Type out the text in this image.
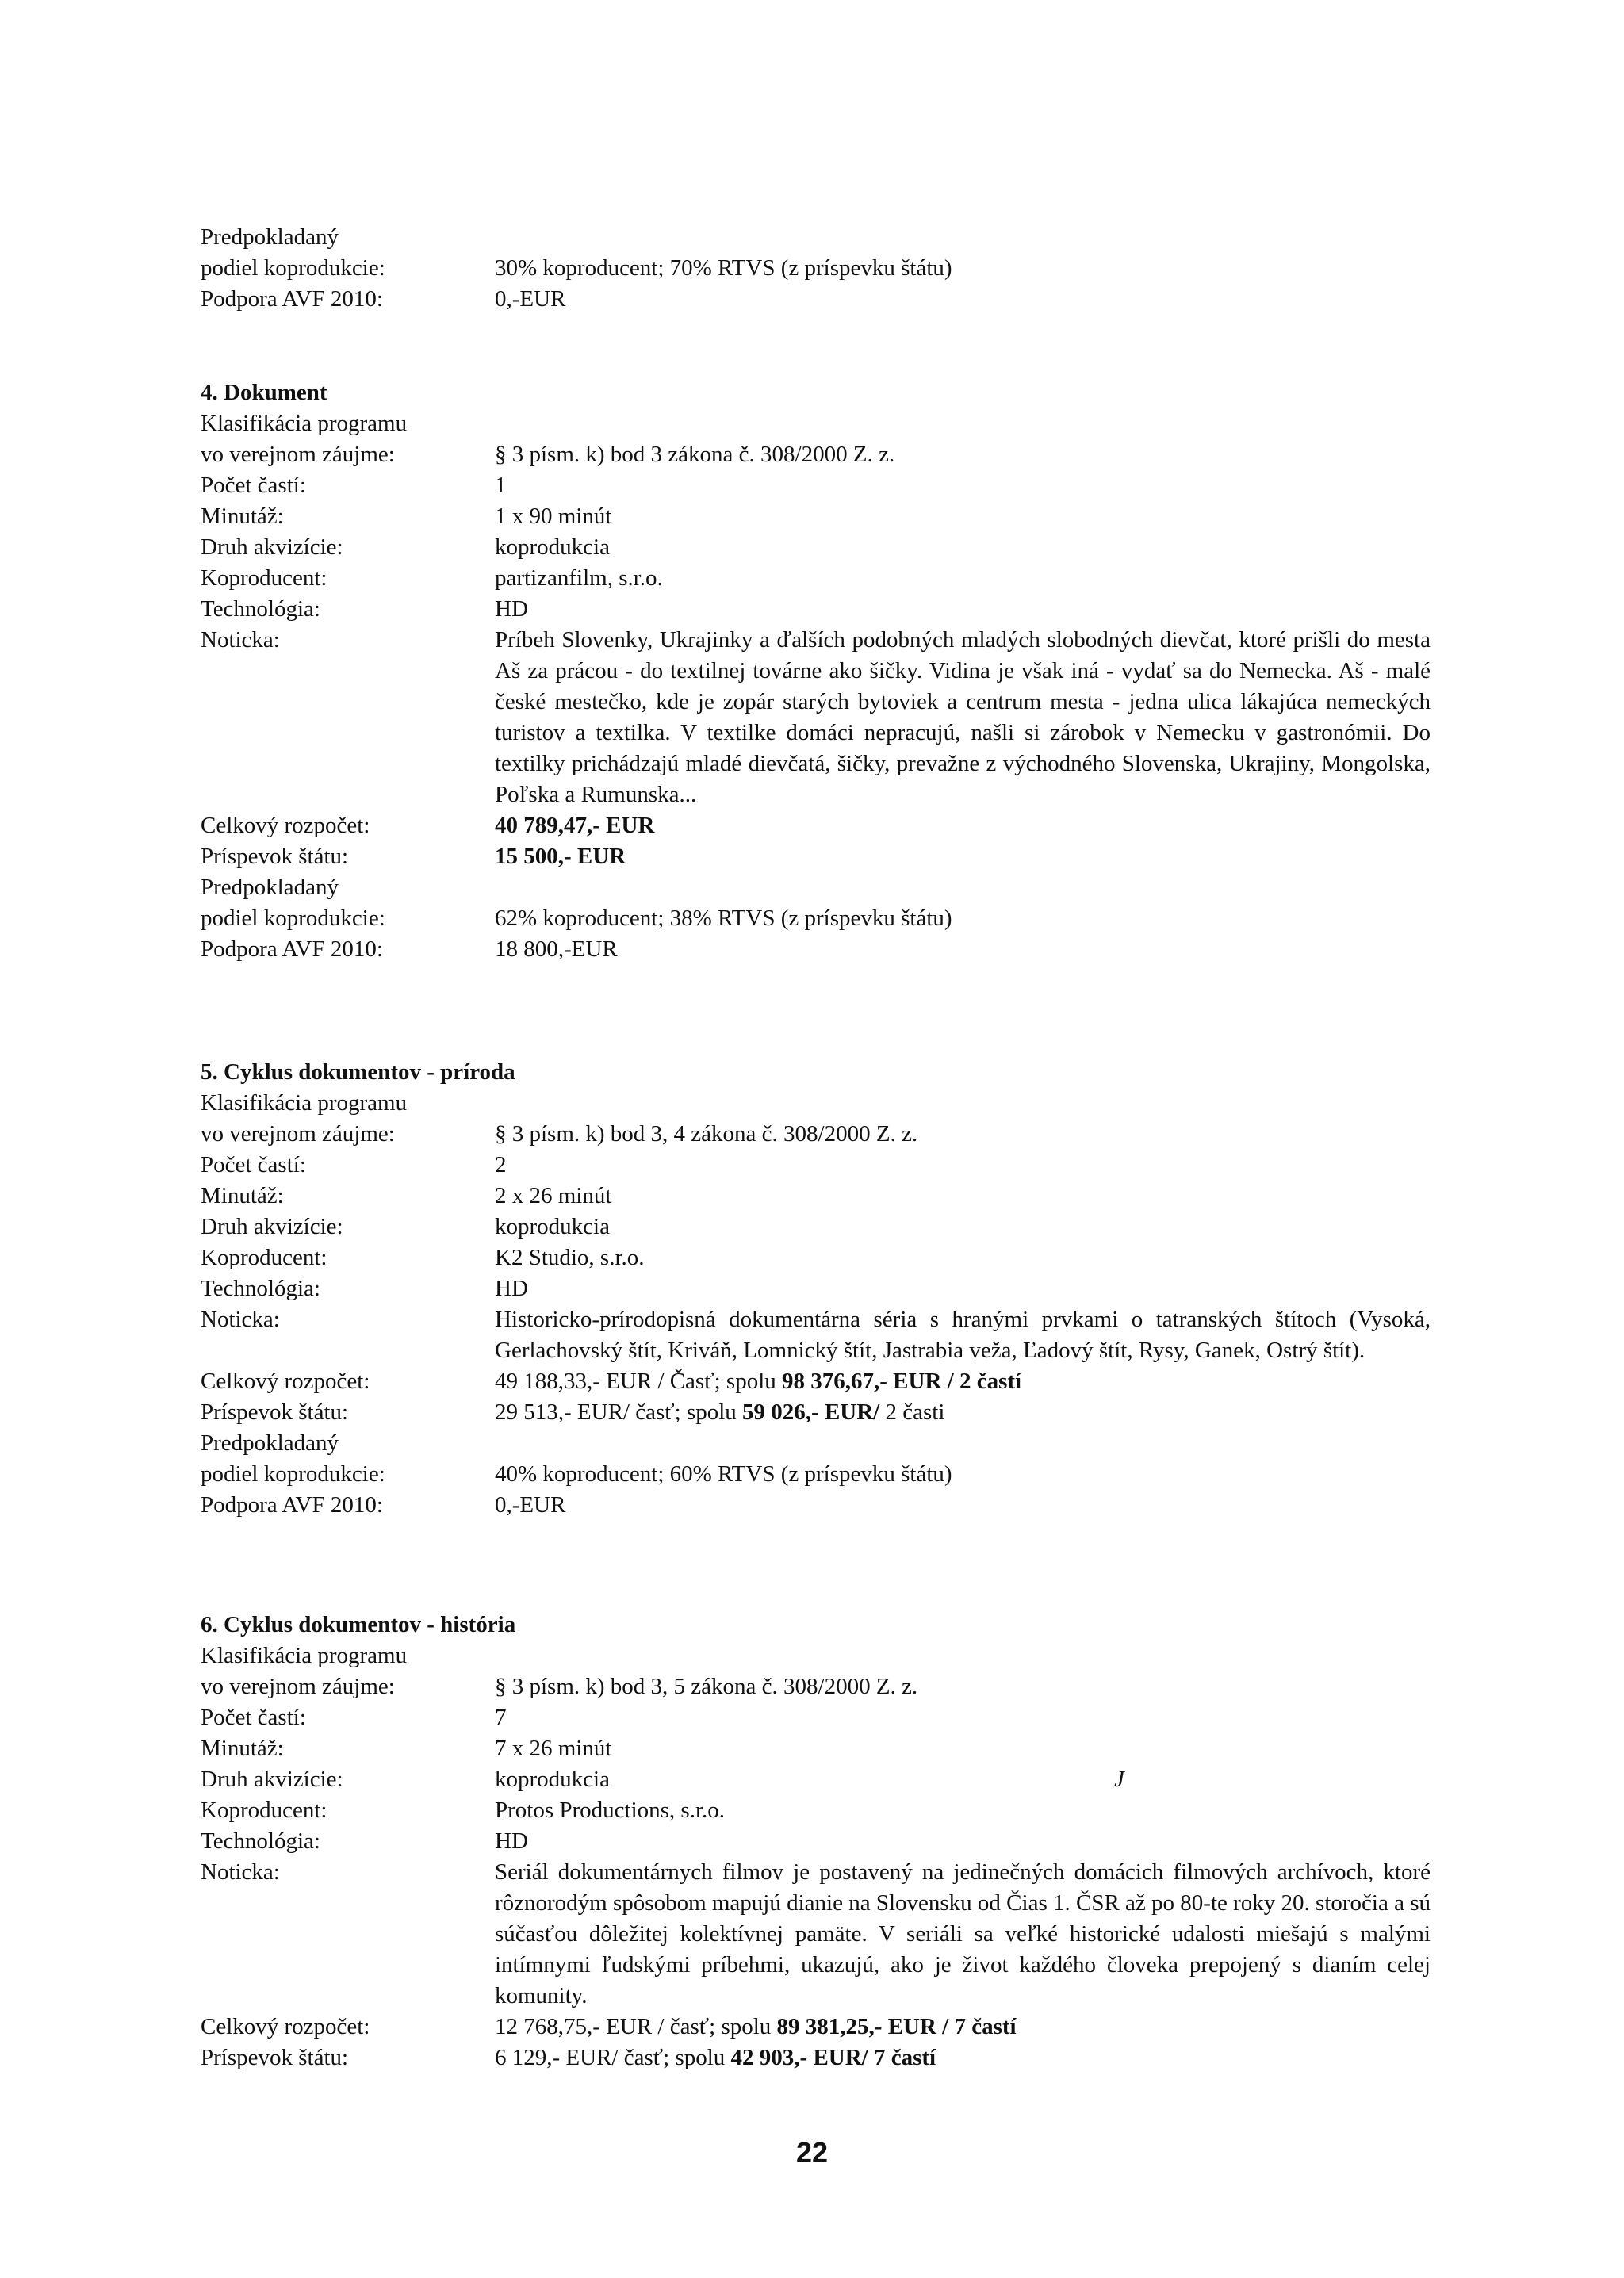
Predpokladaný
podiel koprodukcie:	30% koproducent; 70% RTVS (z príspevku štátu)
Podpora AVF 2010:	0,-EUR
4. Dokument
Klasifikácia programu
vo verejnom záujme:	§ 3 písm. k) bod 3 zákona č. 308/2000 Z. z.
Počet častí:	1
Minutáž:	1 x 90 minút
Druh akvizície:	koprodukcia
Koproducent:	partizanfilm, s.r.o.
Technológia:	HD
Noticka:	Príbeh Slovenky, Ukrajinky a ďalších podobných mladých slobodných dievčat, ktoré prišli do mesta Aš za prácou - do textilnej továrne ako šičky. Vidina je však iná - vydať sa do Nemecka. Aš - malé české mestečko, kde je zopár starých bytoviek a centrum mesta - jedna ulica lákajúca nemeckých turistov a textilka. V textilke domáci nepracujú, našli si zárobok v Nemecku v gastronómii. Do textilky prichádzajú mladé dievčatá, šičky, prevažne z východného Slovenska, Ukrajiny, Mongolska, Poľska a Rumunska...
Celkový rozpočet:	40 789,47,- EUR
Príspevok štátu:	15 500,- EUR
Predpokladaný
podiel koprodukcie:	62% koproducent; 38% RTVS (z príspevku štátu)
Podpora AVF 2010:	18 800,-EUR
5. Cyklus dokumentov - príroda
Klasifikácia programu
vo verejnom záujme:	§ 3 písm. k) bod 3, 4 zákona č. 308/2000 Z. z.
Počet častí:	2
Minutáž:	2 x 26 minút
Druh akvizície:	koprodukcia
Koproducent:	K2 Studio, s.r.o.
Technológia:	HD
Noticka:	Historicko-prírodopisná dokumentárna séria s hranými prvkami o tatranských štítoch (Vysoká, Gerlachovský štít, Kriváň, Lomnický štít, Jastrabia veža, Ľadový štít, Rysy, Ganek, Ostrý štít).
Celkový rozpočet:	49 188,33,- EUR / Časť; spolu 98 376,67,- EUR / 2 častí
Príspevok štátu:	29 513,- EUR/ časť; spolu 59 026,- EUR/ 2 časti
Predpokladaný
podiel koprodukcie:	40% koproducent; 60% RTVS (z príspevku štátu)
Podpora AVF 2010:	0,-EUR
6. Cyklus dokumentov - história
Klasifikácia programu
vo verejnom záujme:	§ 3 písm. k) bod 3, 5 zákona č. 308/2000 Z. z.
Počet častí:	7
Minutáž:	7 x 26 minút
Druh akvizície:	koprodukcia	J
Koproducent:	Protos Productions, s.r.o.
Technológia:	HD
Noticka:	Seriál dokumentárnych filmov je postavený na jedinečných domácich filmových archívoch, ktoré rôznorodým spôsobom mapujú dianie na Slovensku od Čias 1. ČSR až po 80-te roky 20. storočia a sú súčasťou dôležitej kolektívnej pamäte. V seriáli sa veľké historické udalosti miešajú s malými intímnymi ľudskými príbehmi, ukazujú, ako je život každého človeka prepojený s dianím celej komunity.
Celkový rozpočet:	12 768,75,- EUR / časť; spolu 89 381,25,- EUR / 7 častí
Príspevok štátu:	6 129,- EUR/ časť; spolu 42 903,- EUR/ 7 častí
22
